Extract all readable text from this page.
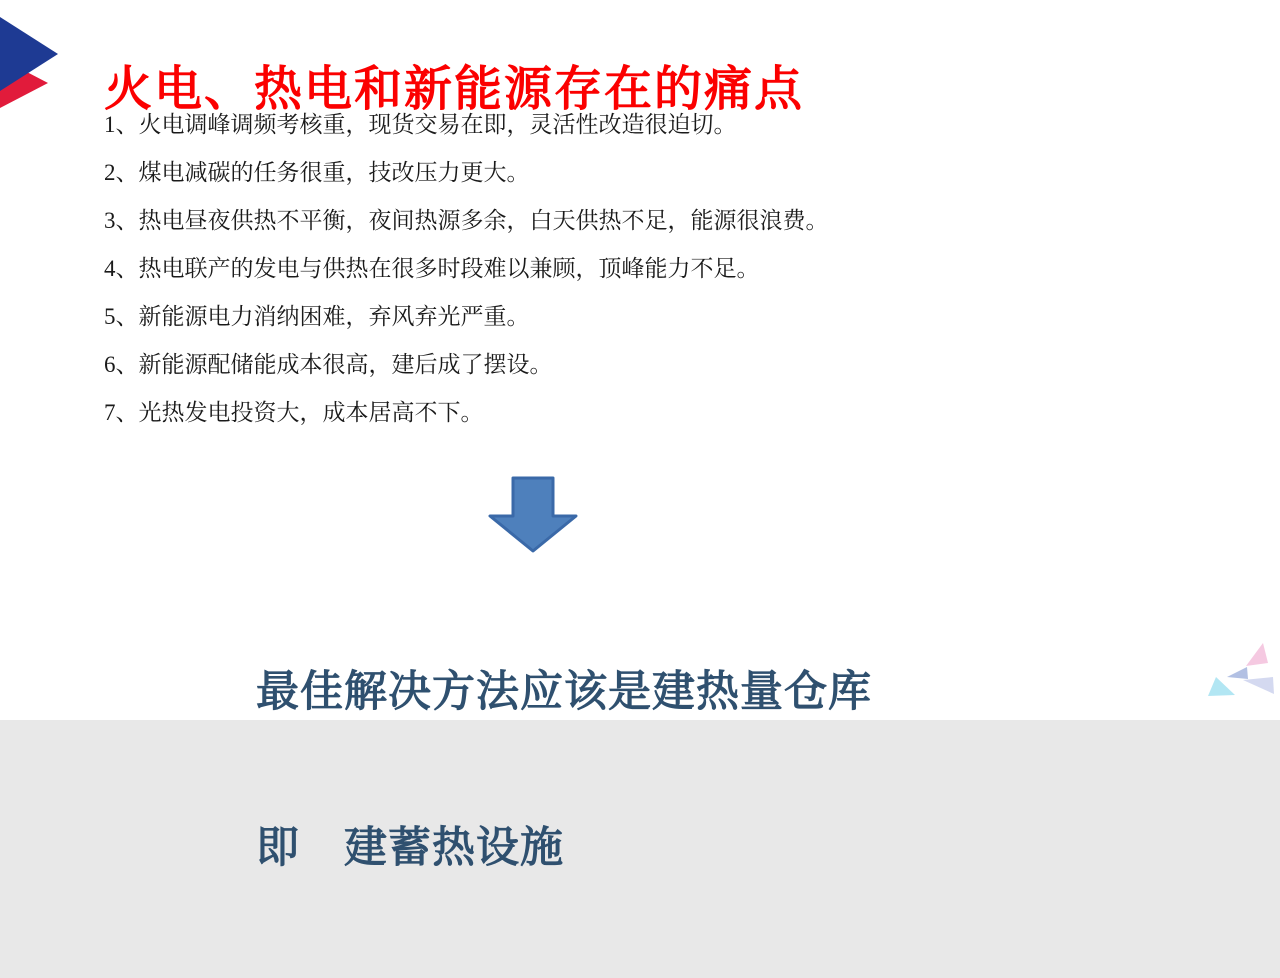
火电、热电和新能源存在的痛点
1、火电调峰调频考核重，现货交易在即，灵活性改造很迫切。
2、煤电减碳的任务很重，技改压力更大。
3、热电昼夜供热不平衡，夜间热源多余，白天供热不足，能源很浪费。
4、热电联产的发电与供热在很多时段难以兼顾，顶峰能力不足。
5、新能源电力消纳困难，弃风弃光严重。
6、新能源配储能成本很高，建后成了摆设。
7、光热发电投资大，成本居高不下。

最佳解决方法应该是建热量仓库

即　建蓄热设施
